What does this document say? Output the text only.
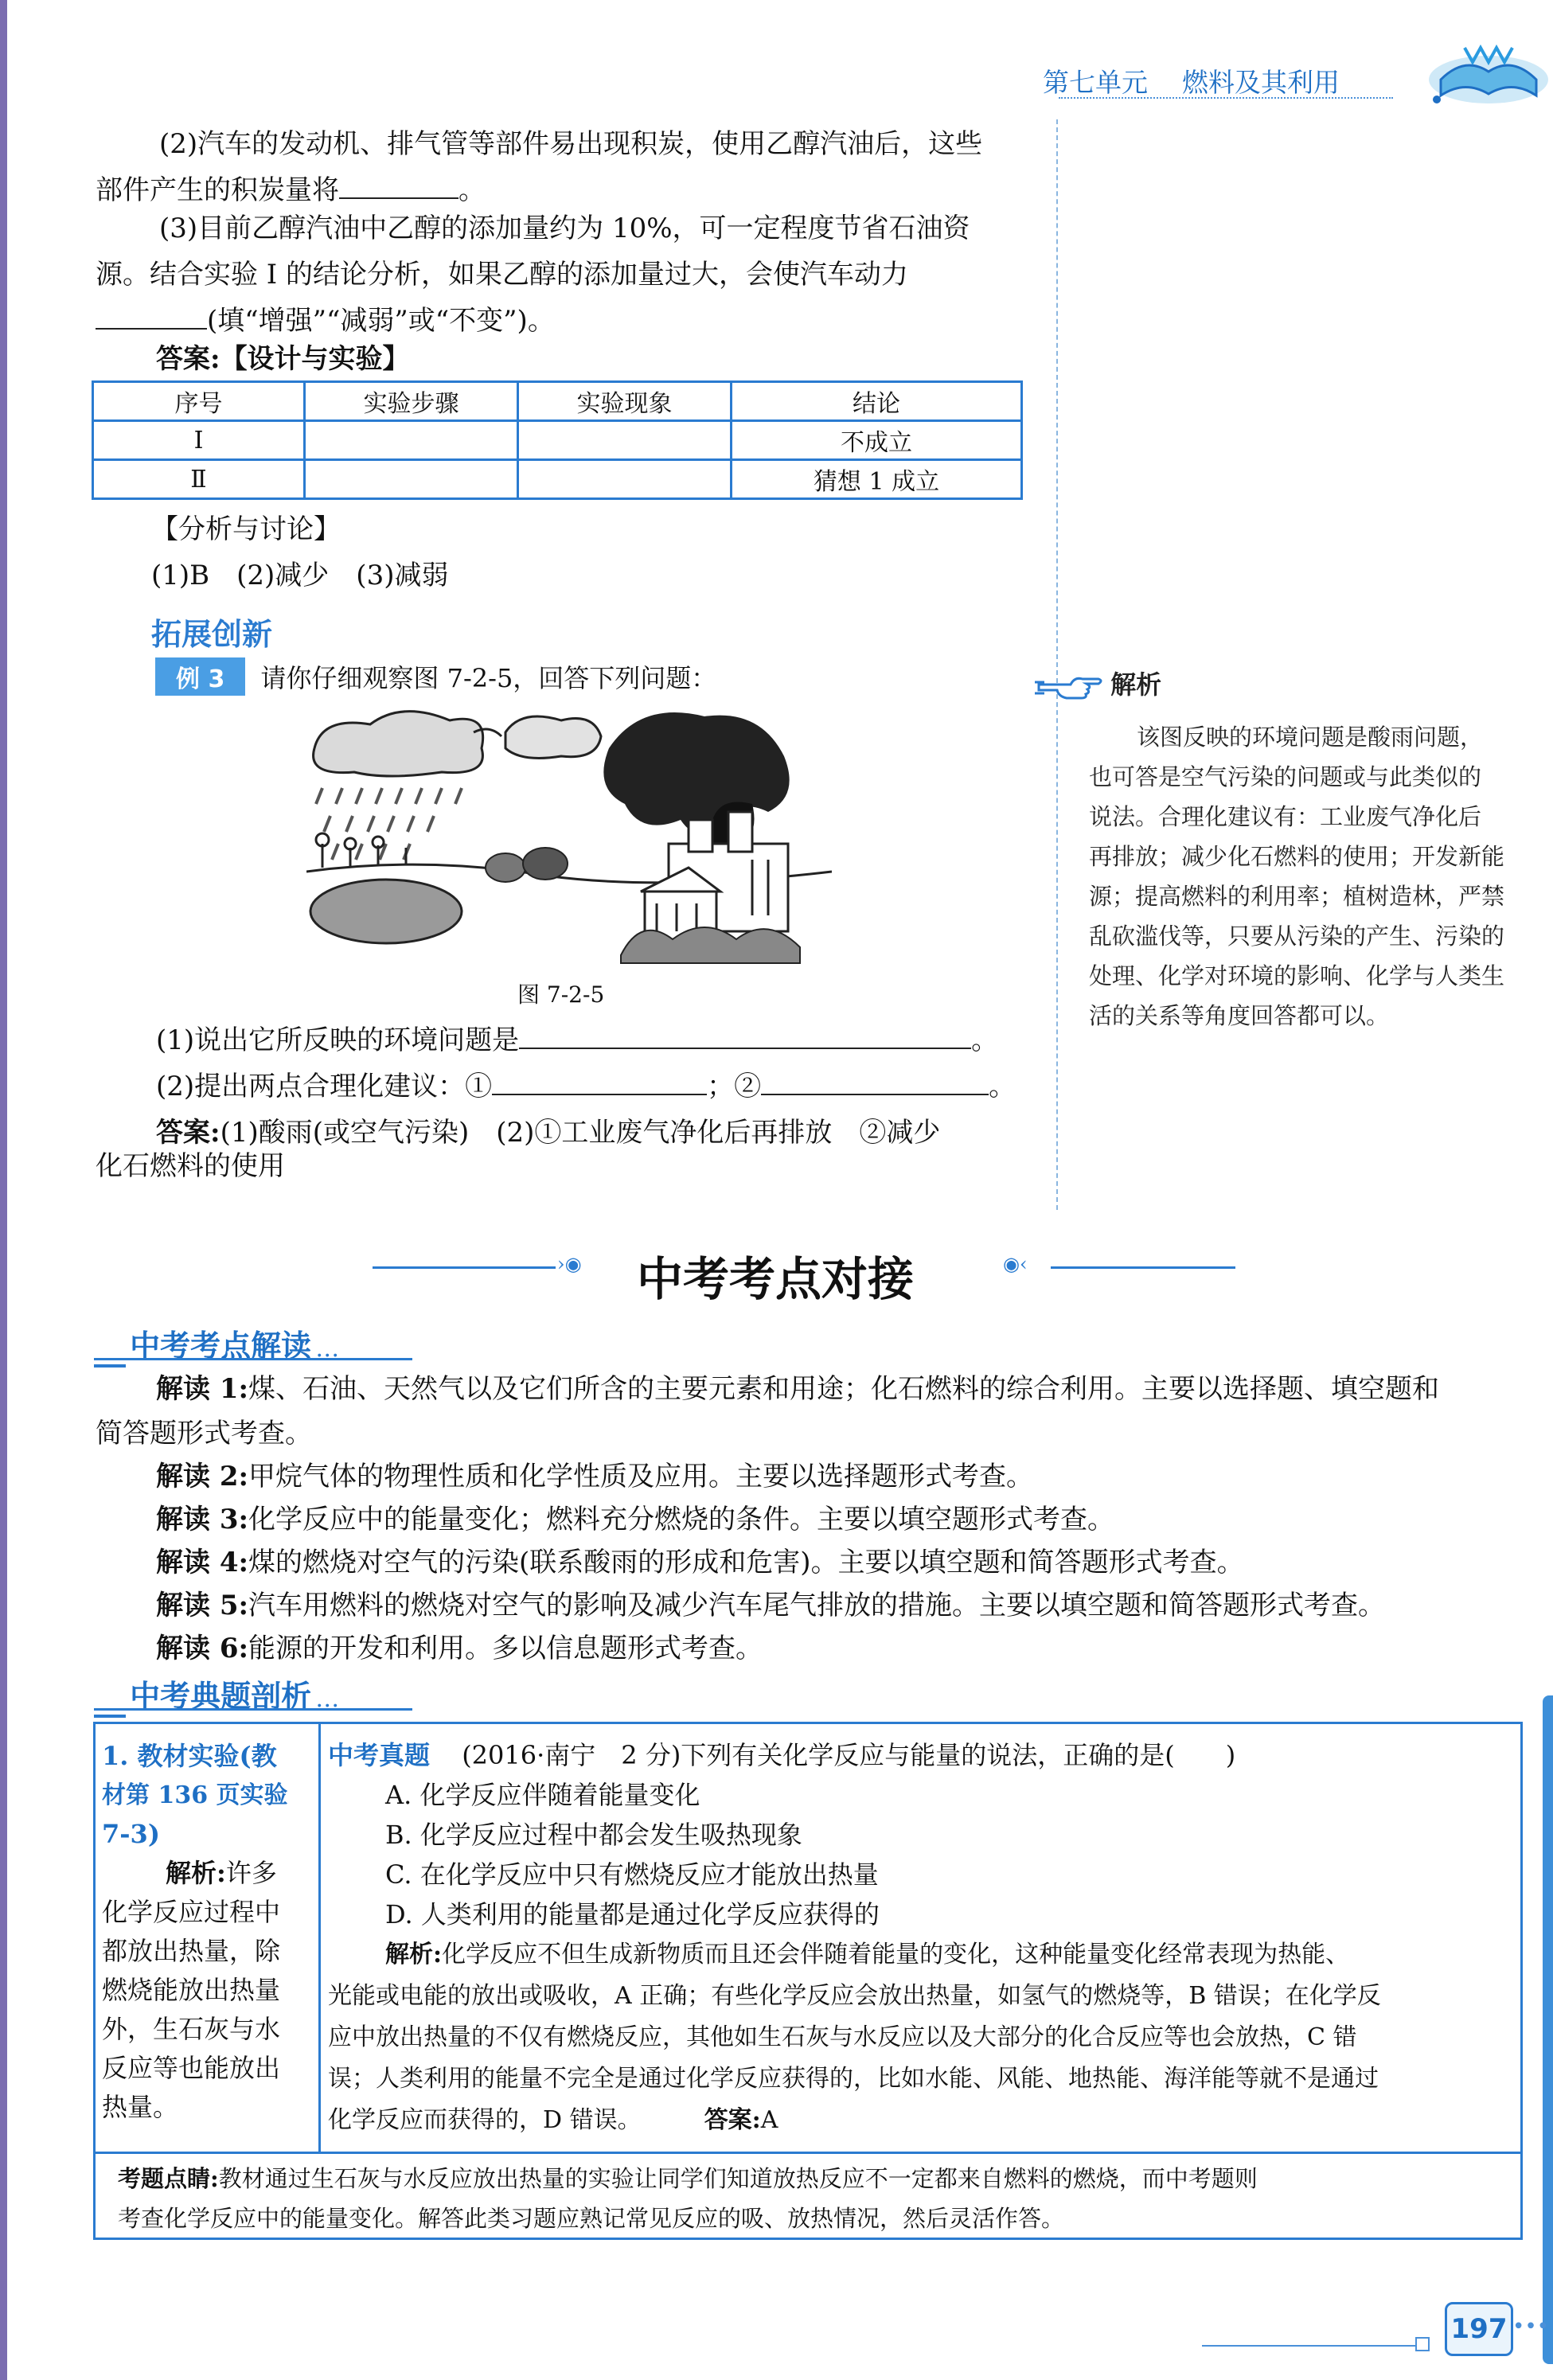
第七单元 燃料及其利用

(2)汽车的发动机、排气管等部件易出现积炭，使用乙醇汽油后，这些

部件产生的积炭量将	。

(3)目前乙醇汽油中乙醇的添加量约为 10%，可一定程度节省石油资

源。结合实验 Ⅰ 的结论分析，如果乙醇的添加量过大，会使汽车动力

(填“增强”“减弱”或“不变”)。

答案:【设计与实验】
序号	实验步骤	实验现象	结论
Ⅰ			不成立
Ⅱ			猜想 1 成立

【分析与讨论】

(1)B　(2)减少　(3)减弱

拓展创新
例 3 请你仔细观察图 7-2-5，回答下列问题：
图 7-2-5

(1)说出它所反映的环境问题是	。

(2)提出两点合理化建议：①	；②	。

答案:(1)酸雨(或空气污染)　(2)①工业废气净化后再排放　②减少

化石燃料的使用

解析
该图反映的环境问题是酸雨问题，
也可答是空气污染的问题或与此类似的
说法。合理化建议有：工业废气净化后
再排放；减少化石燃料的使用；开发新能
源；提高燃料的利用率；植树造林，严禁
乱砍滥伐等，只要从污染的产生、污染的
处理、化学对环境的影响、化学与人类生
活的关系等角度回答都可以。
›◉ 中考考点对接	◉‹
中考考点解读 …

解读 1:煤、石油、天然气以及它们所含的主要元素和用途；化石燃料的综合利用。主要以选择题、填空题和

简答题形式考查。

解读 2:甲烷气体的物理性质和化学性质及应用。主要以选择题形式考查。

解读 3:化学反应中的能量变化；燃料充分燃烧的条件。主要以填空题形式考查。

解读 4:煤的燃烧对空气的污染(联系酸雨的形成和危害)。主要以填空题和简答题形式考查。

解读 5:汽车用燃料的燃烧对空气的影响及减少汽车尾气排放的措施。主要以填空题和简答题形式考查。

解读 6:能源的开发和利用。多以信息题形式考查。

中考典题剖析 …
1. 教材实验(教
材第 136 页实验
7-3)
解析:许多
化学反应过程中
都放出热量，除
燃烧能放出热量
外，生石灰与水
反应等也能放出
热量。
中考真题 (2016·南宁　2 分)下列有关化学反应与能量的说法，正确的是(　　)
A. 化学反应伴随着能量变化
B. 化学反应过程中都会发生吸热现象
C. 在化学反应中只有燃烧反应才能放出热量
D. 人类利用的能量都是通过化学反应获得的
解析:化学反应不但生成新物质而且还会伴随着能量的变化，这种能量变化经常表现为热能、
光能或电能的放出或吸收，A 正确；有些化学反应会放出热量，如氢气的燃烧等，B 错误；在化学反
应中放出热量的不仅有燃烧反应，其他如生石灰与水反应以及大部分的化合反应等也会放热，C 错
误；人类利用的能量不完全是通过化学反应获得的，比如水能、风能、地热能、海洋能等就不是通过
化学反应而获得的，D 错误。	答案:A
考题点睛:教材通过生石灰与水反应放出热量的实验让同学们知道放热反应不一定都来自燃料的燃烧，而中考题则
考查化学反应中的能量变化。解答此类习题应熟记常见反应的吸、放热情况，然后灵活作答。
197 •••
